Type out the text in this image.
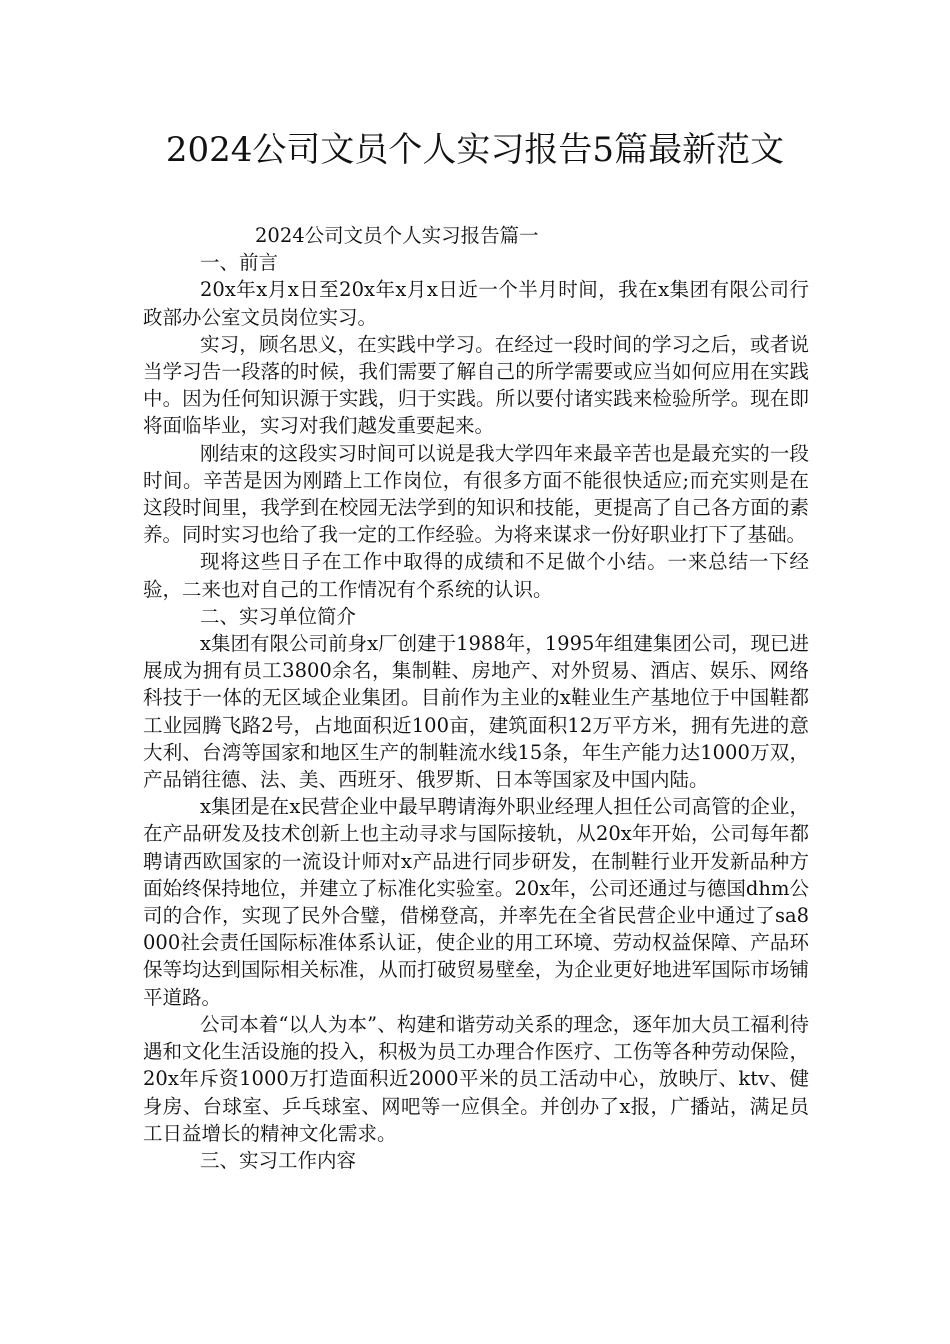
2024公司文员个人实习报告5篇最新范文

2024公司文员个人实习报告篇一

一、前言

20x年x月x日至20x年x月x日近一个半月时间，我在x集团有限公司行政部办公室文员岗位实习。

实习，顾名思义，在实践中学习。在经过一段时间的学习之后，或者说当学习告一段落的时候，我们需要了解自己的所学需要或应当如何应用在实践中。因为任何知识源于实践，归于实践。所以要付诸实践来检验所学。现在即将面临毕业，实习对我们越发重要起来。

刚结束的这段实习时间可以说是我大学四年来最辛苦也是最充实的一段时间。辛苦是因为刚踏上工作岗位，有很多方面不能很快适应;而充实则是在这段时间里，我学到在校园无法学到的知识和技能，更提高了自己各方面的素养。同时实习也给了我一定的工作经验。为将来谋求一份好职业打下了基础。

现将这些日子在工作中取得的成绩和不足做个小结。一来总结一下经验，二来也对自己的工作情况有个系统的认识。

二、实习单位简介

x集团有限公司前身x厂创建于1988年，1995年组建集团公司，现已进展成为拥有员工3800余名，集制鞋、房地产、对外贸易、酒店、娱乐、网络科技于一体的无区域企业集团。目前作为主业的x鞋业生产基地位于中国鞋都工业园腾飞路2号，占地面积近100亩，建筑面积12万平方米，拥有先进的意大利、台湾等国家和地区生产的制鞋流水线15条，年生产能力达1000万双，产品销往德、法、美、西班牙、俄罗斯、日本等国家及中国内陆。

x集团是在x民营企业中最早聘请海外职业经理人担任公司高管的企业，在产品研发及技术创新上也主动寻求与国际接轨，从20x年开始，公司每年都聘请西欧国家的一流设计师对x产品进行同步研发，在制鞋行业开发新品种方面始终保持地位，并建立了标准化实验室。20x年，公司还通过与德国dhm公司的合作，实现了民外合璧，借梯登高，并率先在全省民营企业中通过了sa8000社会责任国际标准体系认证，使企业的用工环境、劳动权益保障、产品环保等均达到国际相关标准，从而打破贸易壁垒，为企业更好地进军国际市场铺平道路。

公司本着“以人为本”、构建和谐劳动关系的理念，逐年加大员工福利待遇和文化生活设施的投入，积极为员工办理合作医疗、工伤等各种劳动保险，20x年斥资1000万打造面积近2000平米的员工活动中心，放映厅、ktv、健身房、台球室、乒乓球室、网吧等一应俱全。并创办了x报，广播站，满足员工日益增长的精神文化需求。

三、实习工作内容
